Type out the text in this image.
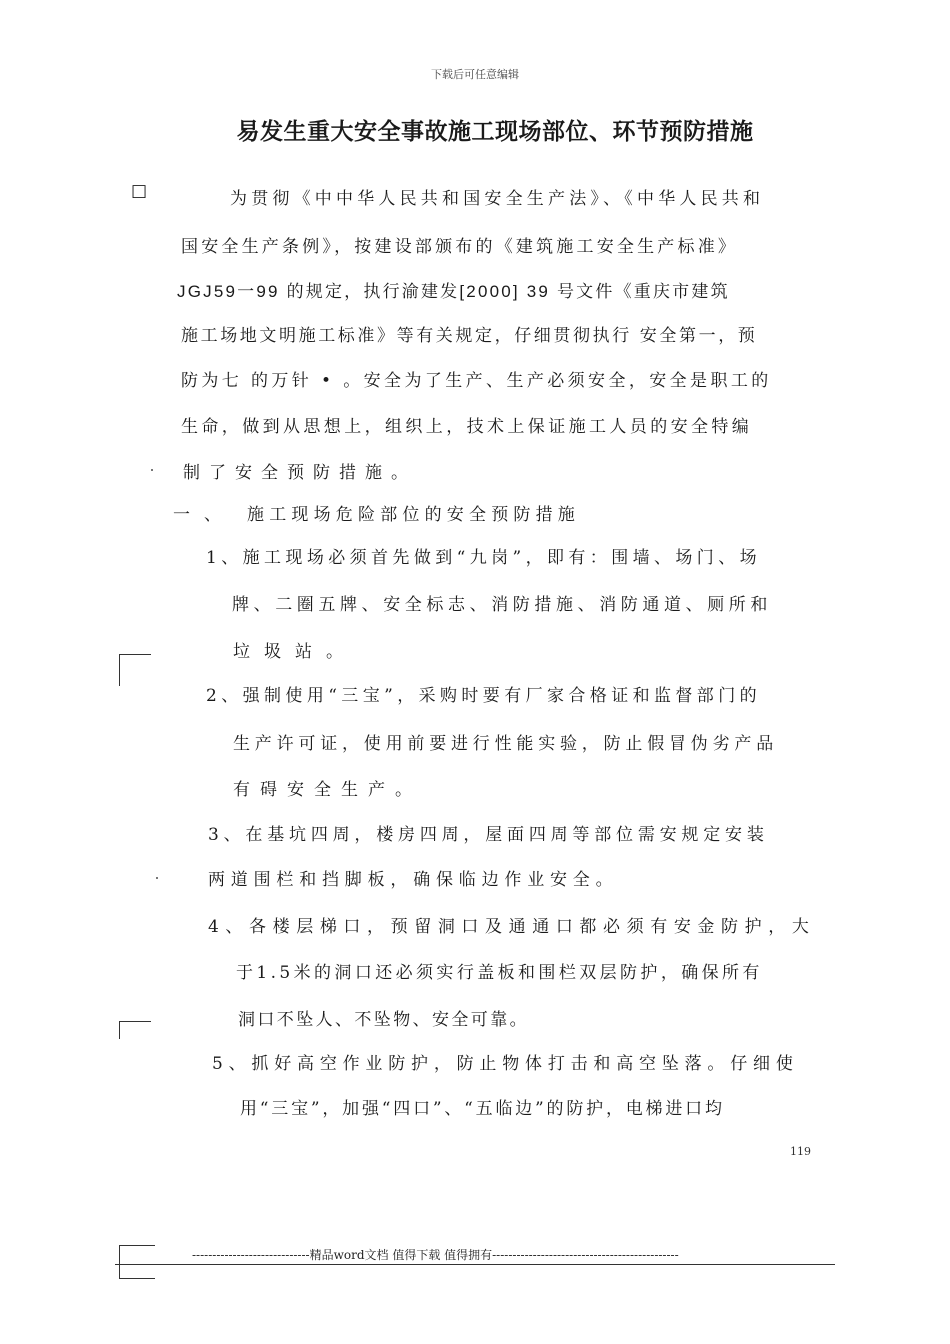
下载后可任意编辑
易发生重大安全事故施工现场部位、环节预防措施
□	为贯彻《中中华人民共和国安全生产法》、《中华人民共和
国安全生产条例》，按建设部颁布的《建筑施工安全生产标准》
JGJ59一99 的规定，执行渝建发[2000] 39 号文件《重庆市建筑
施工场地文明施工标准》等有关规定，仔细贯彻执行 安全第一，预
防为七 的万针 • 。安全为了生产、生产必须安全，安全是职工的
生命，做到从思想上，组织上，技术上保证施工人员的安全特编
制了安全预防措施。
一、 施工现场危险部位的安全预防措施
1、施工现场必须首先做到“九岗”，即有：围墙、场门、场
牌、二圈五牌、安全标志、消防措施、消防通道、厕所和
垃圾站。
2、强制使用“三宝”，采购时要有厂家合格证和监督部门的
生产许可证，使用前要进行性能实验，防止假冒伪劣产品
有碍安全生产。
3、在基坑四周，楼房四周，屋面四周等部位需安规定安装
两道围栏和挡脚板，确保临边作业安全。
4、各楼层梯口，预留洞口及通通口都必须有安金防护，大
于1.5米的洞口还必须实行盖板和围栏双层防护，确保所有
洞口不坠人、不坠物、安全可靠。
5、抓好高空作业防护，防止物体打击和高空坠落。仔细使
用“三宝”，加强“四口”、“五临边”的防护，电梯进口均
119
-----------------------------精品word文档 值得下载 值得拥有----------------------------------------------
